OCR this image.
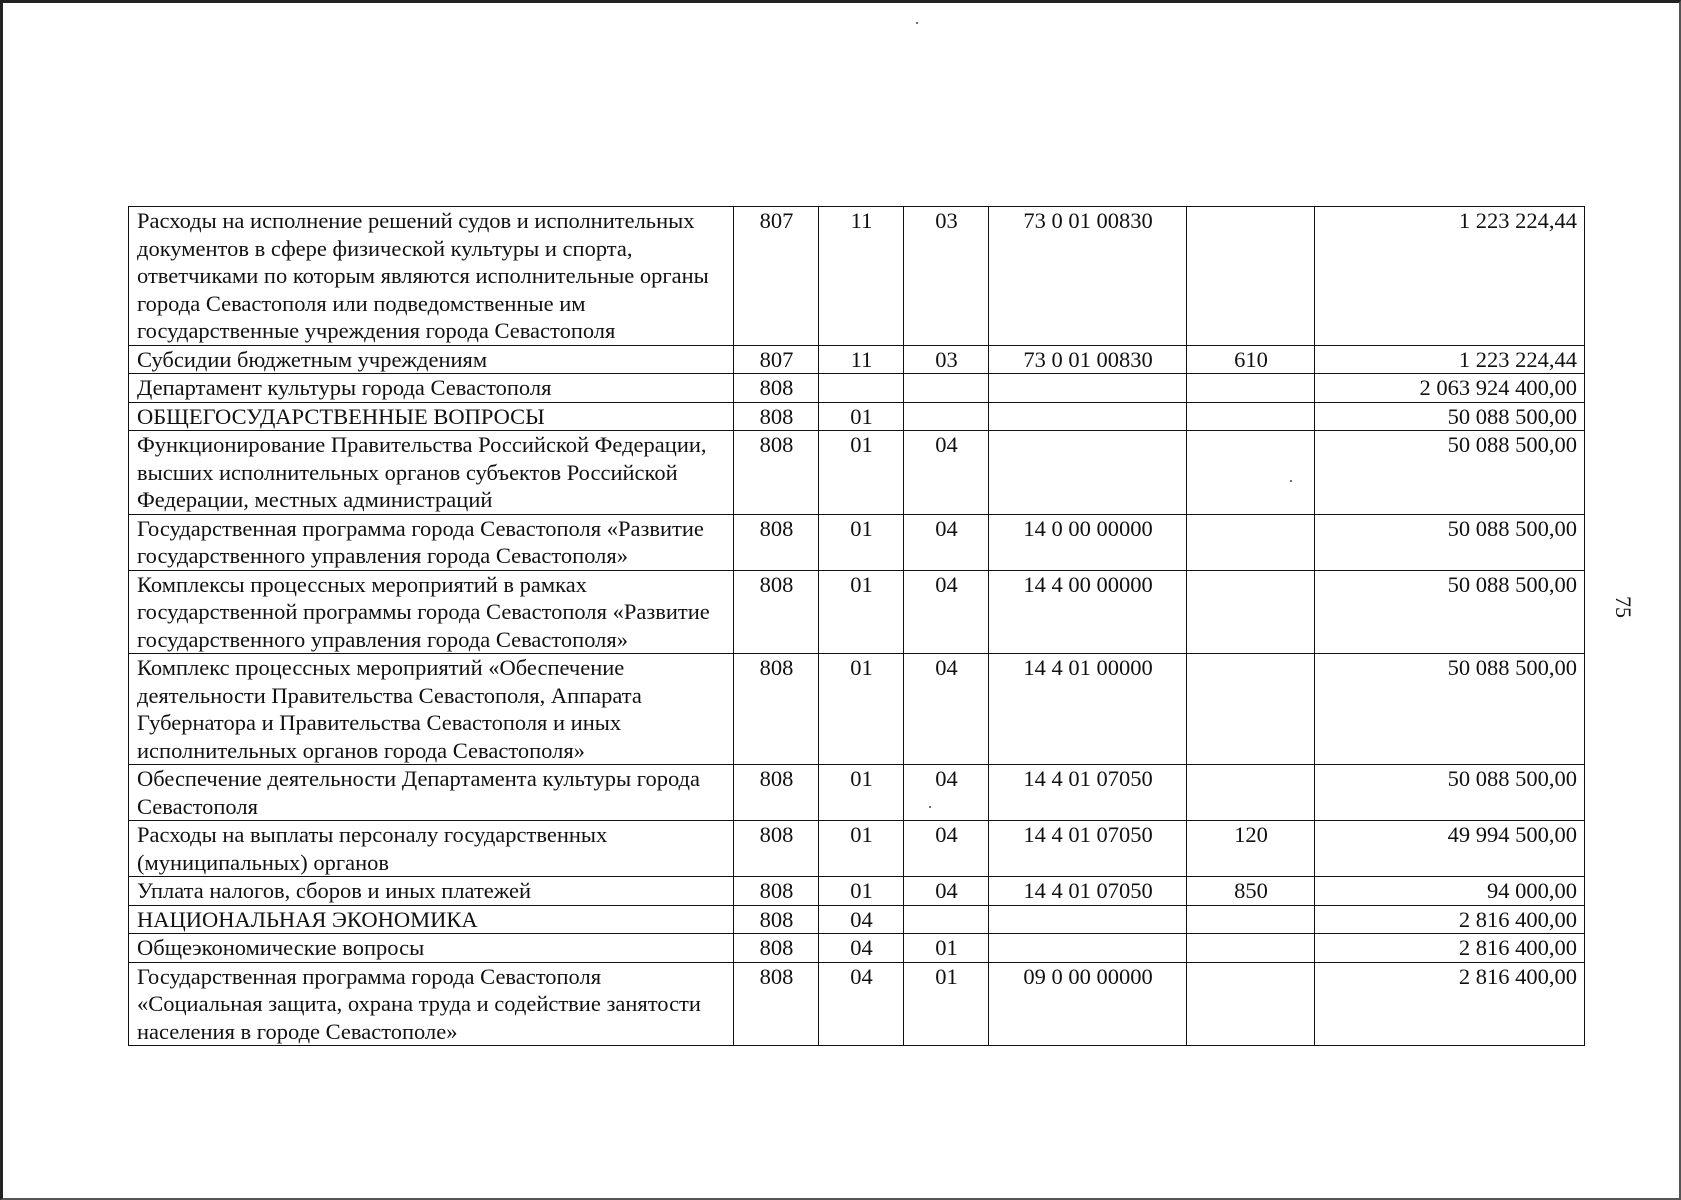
Расходы на исполнение решений судов и исполнительных документов в сфере физической культуры и спорта, ответчиками по которым являются исполнительные органы города Севастополя или подведомственные им государственные учреждения города Севастополя	807	11	03	73 0 01 00830		1 223 224,44
Субсидии бюджетным учреждениям	807	11	03	73 0 01 00830	610	1 223 224,44
Департамент культуры города Севастополя	808					2 063 924 400,00
ОБЩЕГОСУДАРСТВЕННЫЕ ВОПРОСЫ	808	01				50 088 500,00
Функционирование Правительства Российской Федерации, высших исполнительных органов субъектов Российской Федерации, местных администраций	808	01	04			50 088 500,00
Государственная программа города Севастополя «Развитие государственного управления города Севастополя»	808	01	04	14 0 00 00000		50 088 500,00
Комплексы процессных мероприятий в рамках государственной программы города Севастополя «Развитие государственного управления города Севастополя»	808	01	04	14 4 00 00000		50 088 500,00
Комплекс процессных мероприятий «Обеспечение деятельности Правительства Севастополя, Аппарата Губернатора и Правительства Севастополя и иных исполнительных органов города Севастополя»	808	01	04	14 4 01 00000		50 088 500,00
Обеспечение деятельности Департамента культуры города Севастополя	808	01	04	14 4 01 07050		50 088 500,00
Расходы на выплаты персоналу государственных (муниципальных) органов	808	01	04	14 4 01 07050	120	49 994 500,00
Уплата налогов, сборов и иных платежей	808	01	04	14 4 01 07050	850	94 000,00
НАЦИОНАЛЬНАЯ ЭКОНОМИКА	808	04				2 816 400,00
Общеэкономические вопросы	808	04	01			2 816 400,00
Государственная программа города Севастополя «Социальная защита, охрана труда и содействие занятости населения в городе Севастополе»	808	04	01	09 0 00 00000		2 816 400,00
75
